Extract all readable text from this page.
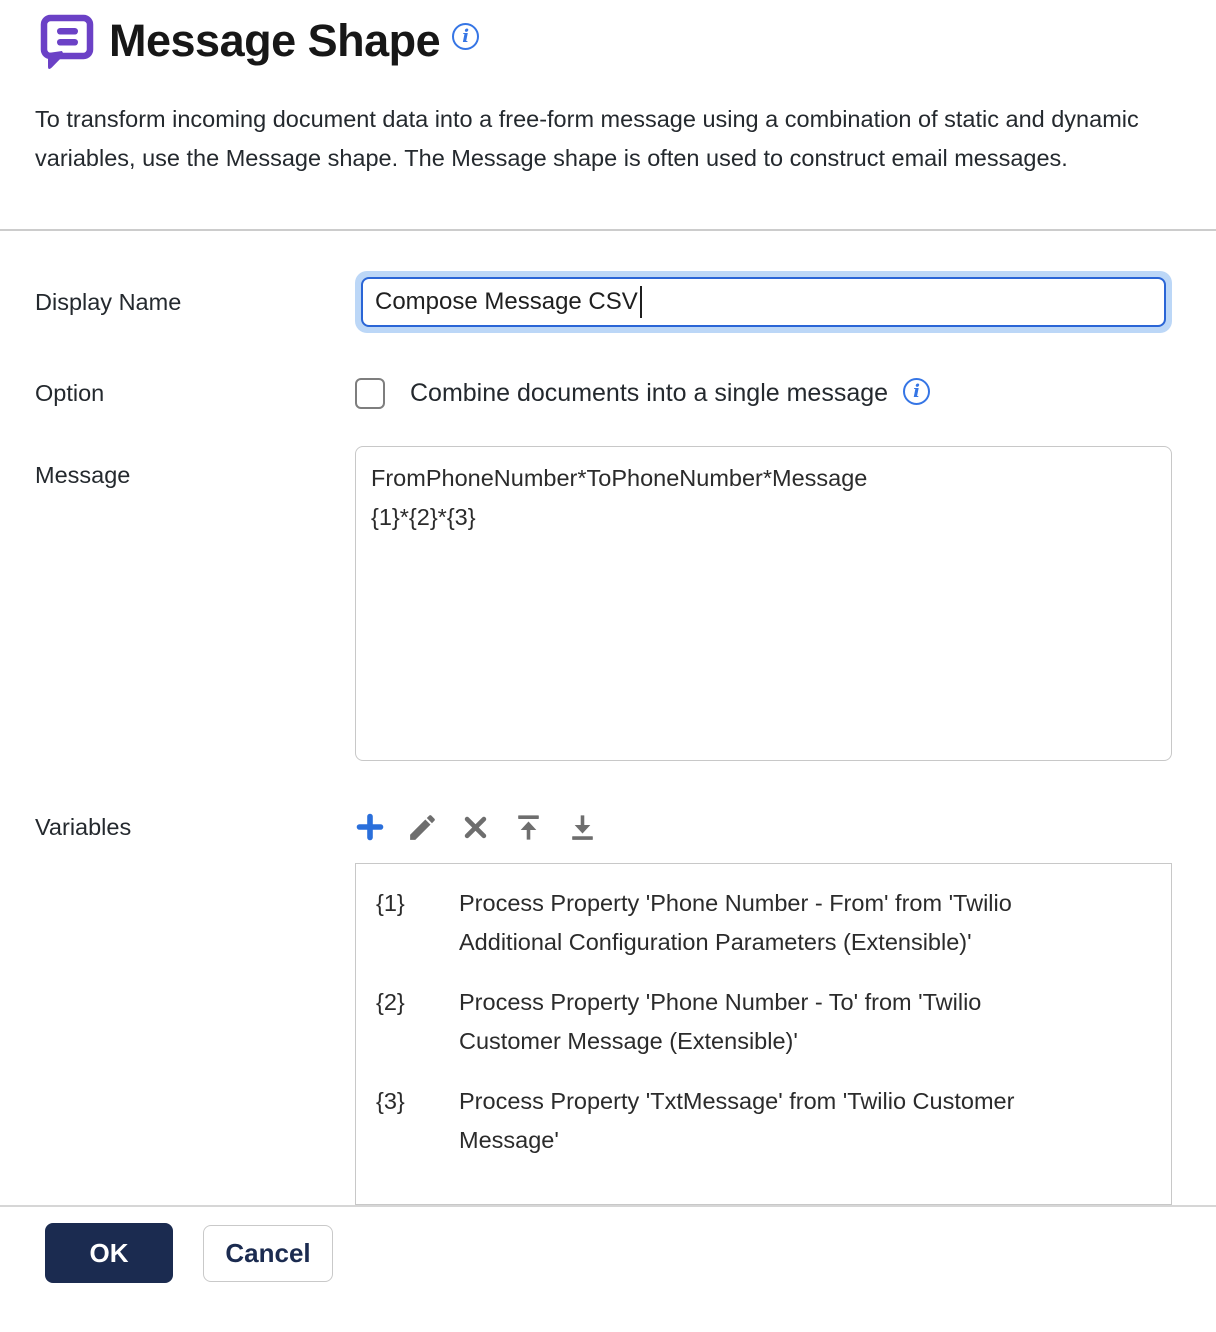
Message Shape	i

To transform incoming document data into a free-form message using a combination of static and dynamic variables, use the Message shape. The Message shape is often used to construct email messages.

Display Name	Compose Message CSV
Option	Combine documents into a single message	i
Message	FromPhoneNumber*ToPhoneNumber*Message
{1}*{2}*{3}
Variables
{1}	Process Property 'Phone Number - From' from 'Twilio Additional Configuration Parameters (Extensible)'
{2}	Process Property 'Phone Number - To' from 'Twilio Customer Message (Extensible)'
{3}	Process Property 'TxtMessage' from 'Twilio Customer Message'
OK	Cancel
